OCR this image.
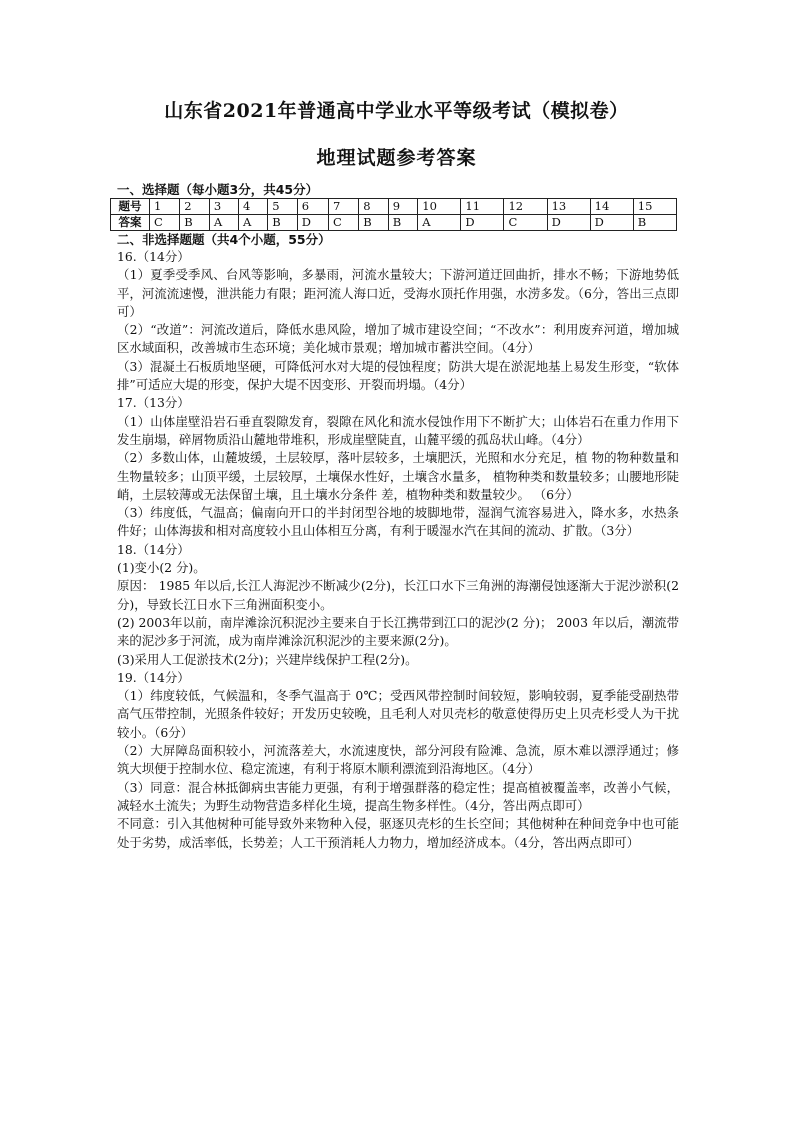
山东省2021年普通高中学业水平等级考试（模拟卷）
地理试题参考答案
一、选择题（每小题3分，共45分）
题号	1	2	3	4	5	6	7	8	9	10	11	12	13	14	15
答案	C	B	A	A	B	D	C	B	B	A	D	C	D	D	B
二、非选择题题（共4个小题，55分）

16.（14分）

（1）夏季受季风、台风等影响，多暴雨，河流水量较大；下游河道迂回曲折，排水不畅；下游地势低平，河流流速慢，泄洪能力有限；距河流人海口近，受海水顶托作用强，水涝多发。（6分，答出三点即可）

（2）“改道”：河流改道后，降低水患风险，增加了城市建设空间；“不改水”：利用废弃河道，增加城区水域面积，改善城市生态环境；美化城市景观；增加城市蓄洪空间。（4分）

（3）混凝土石板质地坚硬，可降低河水对大堤的侵蚀程度；防洪大堤在淤泥地基上易发生形变，“软体排”可适应大堤的形变，保护大堤不因变形、开裂而坍塌。（4分）

17.（13分）

（1）山体崖壁沿岩石垂直裂隙发育，裂隙在风化和流水侵蚀作用下不断扩大；山体岩石在重力作用下发生崩塌，碎屑物质沿山麓地带堆积，形成崖壁陡直，山麓平缓的孤岛状山峰。（4分）

（2）多数山体，山麓坡缓，土层较厚，落叶层较多，土壤肥沃，光照和水分充足，植 物的物种数量和生物量较多；山顶平缓，土层较厚，土壤保水性好，土壤含水量多， 植物种类和数量较多；山腰地形陡峭，土层较薄或无法保留土壤，且土壤水分条件 差，植物种类和数量较少。 （6分）

（3）纬度低，气温高；偏南向开口的半封闭型谷地的坡脚地带，湿润气流容易进入，降水多，水热条件好；山体海拔和相对高度较小且山体相互分离，有利于暖湿水汽在其间的流动、扩散。（3分）

18.（14分）

(1)变小(2 分)。

原因： 1985 年以后,长江人海泥沙不断减少(2分)，长江口水下三角洲的海潮侵蚀逐渐大于泥沙淤积(2 分)，导致长江日水下三角洲面积变小。

(2) 2003年以前，南岸滩涂沉积泥沙主要来自于长江携带到江口的泥沙(2 分)； 2003 年以后，潮流带来的泥沙多于河流，成为南岸滩涂沉积泥沙的主要来源(2分)。

(3)采用人工促淤技术(2分)；兴建岸线保护工程(2分)。

19.（14分）

（1）纬度较低，气候温和，冬季气温高于 0℃；受西风带控制时间较短，影响较弱，夏季能受副热带高气压带控制，光照条件较好；开发历史较晚，且毛利人对贝壳杉的敬意使得历史上贝壳杉受人为干扰较小。（6分）

（2）大屏障岛面积较小，河流落差大，水流速度快，部分河段有险滩、急流，原木难以漂浮通过；修筑大坝便于控制水位、稳定流速，有利于将原木顺利漂流到沿海地区。（4分）

（3）同意：混合林抵御病虫害能力更强，有利于增强群落的稳定性；提高植被覆盖率，改善小气候，减轻水土流失；为野生动物营造多样化生境，提高生物多样性。（4分，答出两点即可）

不同意：引入其他树种可能导致外来物种入侵，驱逐贝壳杉的生长空间；其他树种在种间竞争中也可能处于劣势，成活率低，长势差；人工干预消耗人力物力，增加经济成本。（4分，答出两点即可）
